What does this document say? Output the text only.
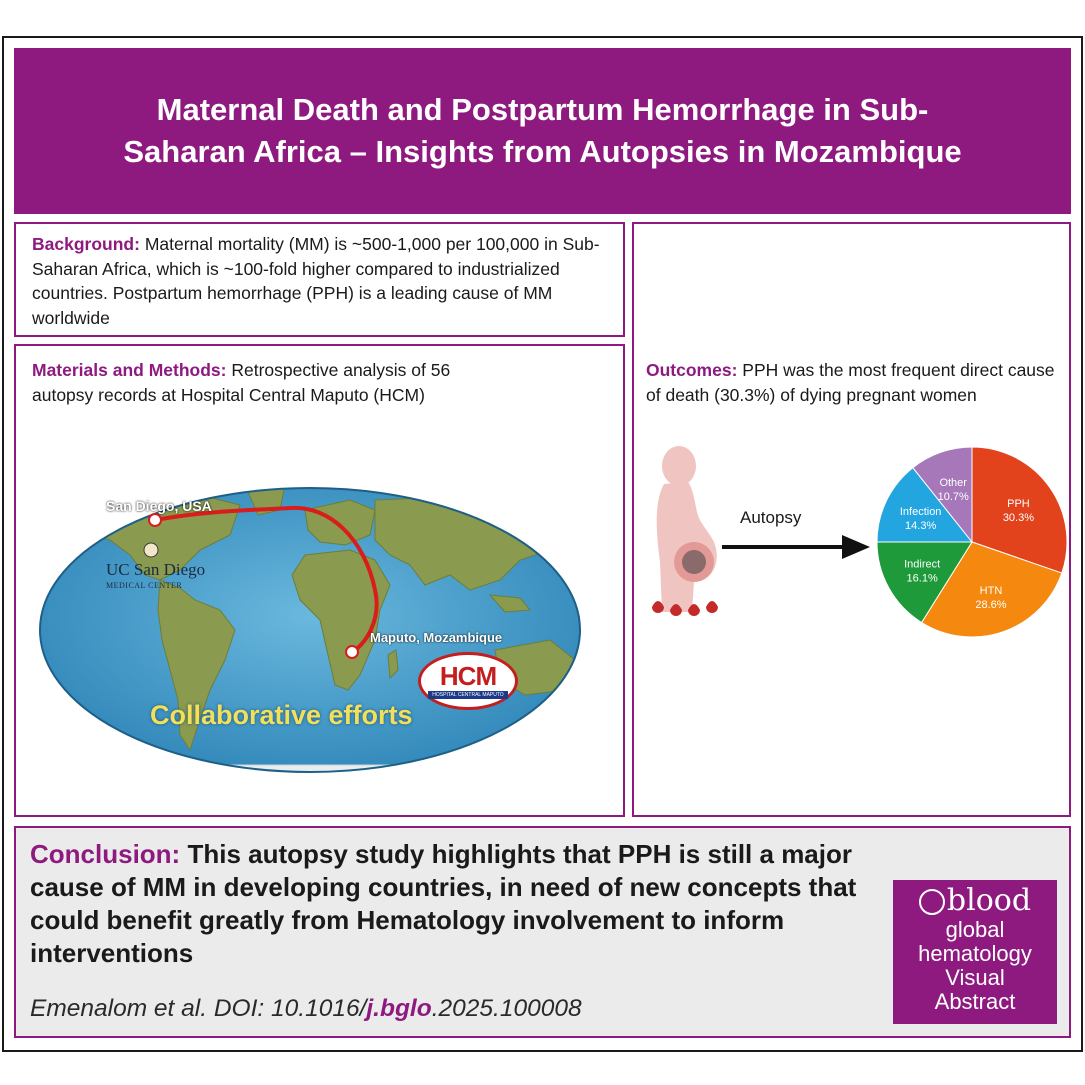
Maternal Death and Postpartum Hemorrhage in Sub-Saharan Africa – Insights from Autopsies in Mozambique

Background: Maternal mortality (MM) is ~500-1,000 per 100,000 in Sub-Saharan Africa, which is ~100-fold higher compared to industrialized countries. Postpartum hemorrhage (PPH) is a leading cause of MM worldwide

Materials and Methods: Retrospective analysis of 56 autopsy records at Hospital Central Maputo (HCM)

San Diego, USA
UC San Diego
MEDICAL CENTER
Maputo, Mozambique
HCM
HOSPITAL CENTRAL MAPUTO
Collaborative efforts

Outcomes: PPH was the most frequent direct cause of death (30.3%) of dying pregnant women

Autopsy
PPH
30.3%
HTN
28.6%
Indirect
16.1%
Infection
14.3%
Other
10.7%

Conclusion: This autopsy study highlights that PPH is still a major cause of MM in developing countries, in need of new concepts that could benefit greatly from Hematology involvement to inform interventions

Emenalom et al. DOI: 10.1016/j.bglo.2025.100008
blood
global
hematology
Visual
Abstract
